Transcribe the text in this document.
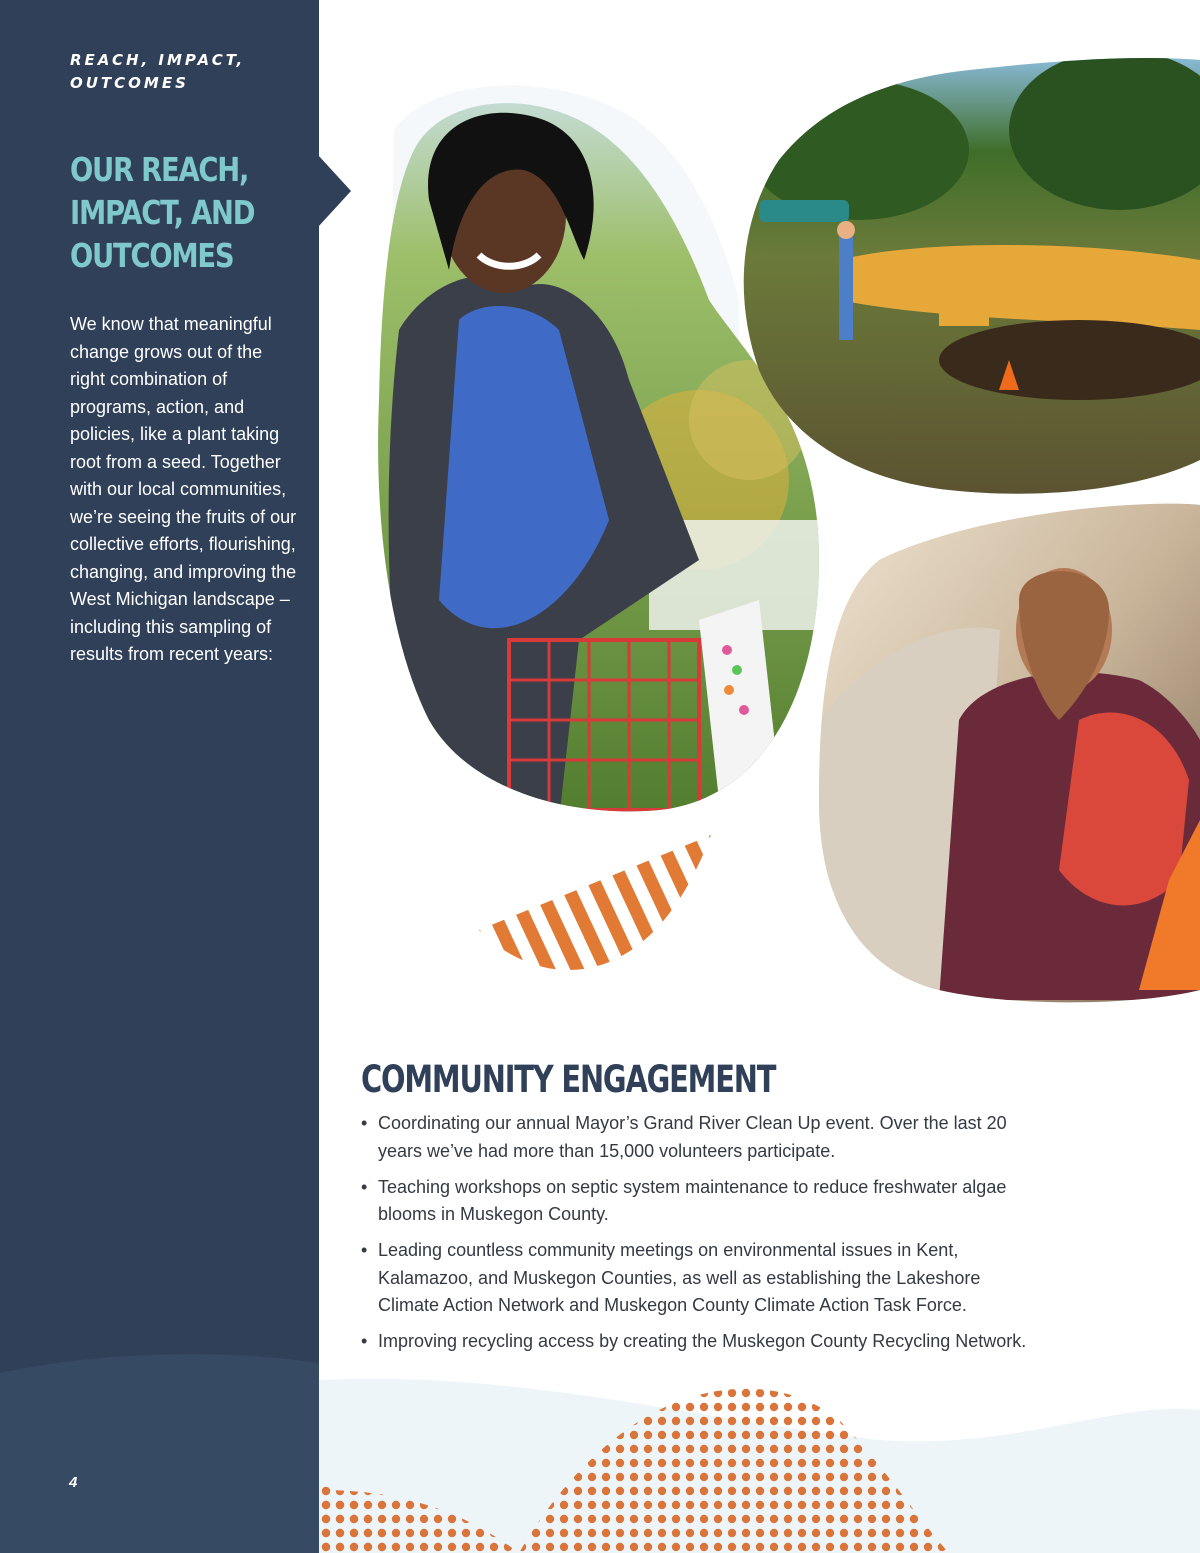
REACH, IMPACT,
OUTCOMES
OUR REACH,
IMPACT, AND
OUTCOMES
We know that meaningful change grows out of the right combination of programs, action, and policies, like a plant taking root from a seed. Together with our local communities, we’re seeing the fruits of our collective efforts, flourishing, changing, and improving the West Michigan landscape – including this sampling of results from recent years:
4
COMMUNITY ENGAGEMENT
• Coordinating our annual Mayor’s Grand River Clean Up event. Over the last 20 years we’ve had more than 15,000 volunteers participate.
• Teaching workshops on septic system maintenance to reduce freshwater algae blooms in Muskegon County.
• Leading countless community meetings on environmental issues in Kent, Kalamazoo, and Muskegon Counties, as well as establishing the Lakeshore Climate Action Network and Muskegon County Climate Action Task Force.
• Improving recycling access by creating the Muskegon County Recycling Network.
